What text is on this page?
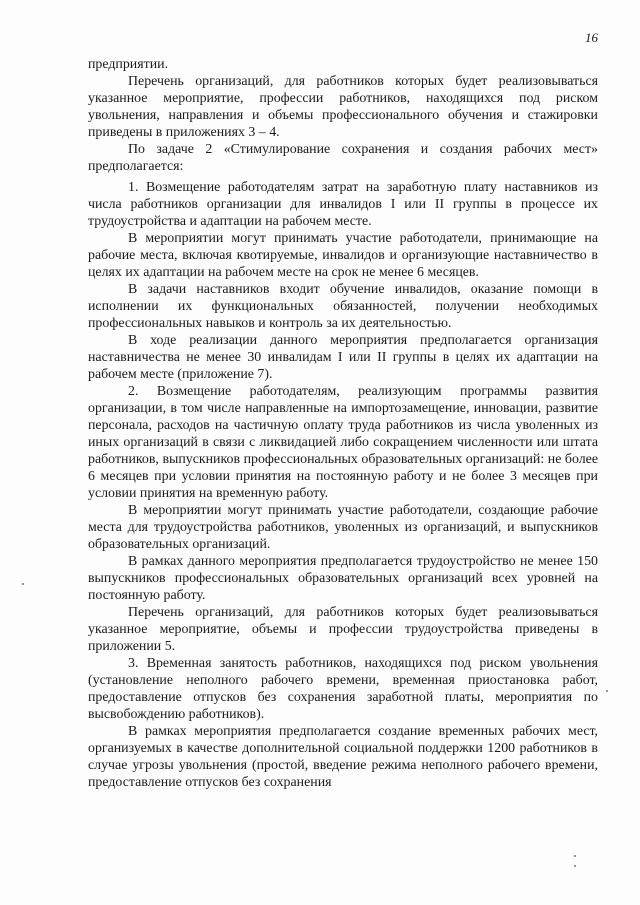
16

предприятии.

Перечень организаций, для работников которых будет реализовываться указанное мероприятие, профессии работников, находящихся под риском увольнения, направления и объемы профессионального обучения и стажировки приведены в приложениях 3 – 4.

По задаче 2 «Стимулирование сохранения и создания рабочих мест» предполагается:

1. Возмещение работодателям затрат на заработную плату наставников из числа работников организации для инвалидов I или II группы в процессе их трудоустройства и адаптации на рабочем месте.

В мероприятии могут принимать участие работодатели, принимающие на рабочие места, включая квотируемые, инвалидов и организующие наставничество в целях их адаптации на рабочем месте на срок не менее 6 месяцев.

В задачи наставников входит обучение инвалидов, оказание помощи в исполнении их функциональных обязанностей, получении необходимых профессиональных навыков и контроль за их деятельностью.

В ходе реализации данного мероприятия предполагается организация наставничества не менее 30 инвалидам I или II группы в целях их адаптации на рабочем месте (приложение 7).

2. Возмещение работодателям, реализующим программы развития организации, в том числе направленные на импортозамещение, инновации, развитие персонала, расходов на частичную оплату труда работников из числа уволенных из иных организаций в связи с ликвидацией либо сокращением численности или штата работников, выпускников профессиональных образовательных организаций: не более 6 месяцев при условии принятия на постоянную работу и не более 3 месяцев при условии принятия на временную работу.

В мероприятии могут принимать участие работодатели, создающие рабочие места для трудоустройства работников, уволенных из организаций, и выпускников образовательных организаций.

В рамках данного мероприятия предполагается трудоустройство не менее 150 выпускников профессиональных образовательных организаций всех уровней на постоянную работу.

Перечень организаций, для работников которых будет реализовываться указанное мероприятие, объемы и профессии трудоустройства приведены в приложении 5.

3. Временная занятость работников, находящихся под риском увольнения (установление неполного рабочего времени, временная приостановка работ, предоставление отпусков без сохранения заработной платы, мероприятия по высвобождению работников).

В рамках мероприятия предполагается создание временных рабочих мест, организуемых в качестве дополнительной социальной поддержки 1200 работников в случае угрозы увольнения (простой, введение режима неполного рабочего времени, предоставление отпусков без сохранения
